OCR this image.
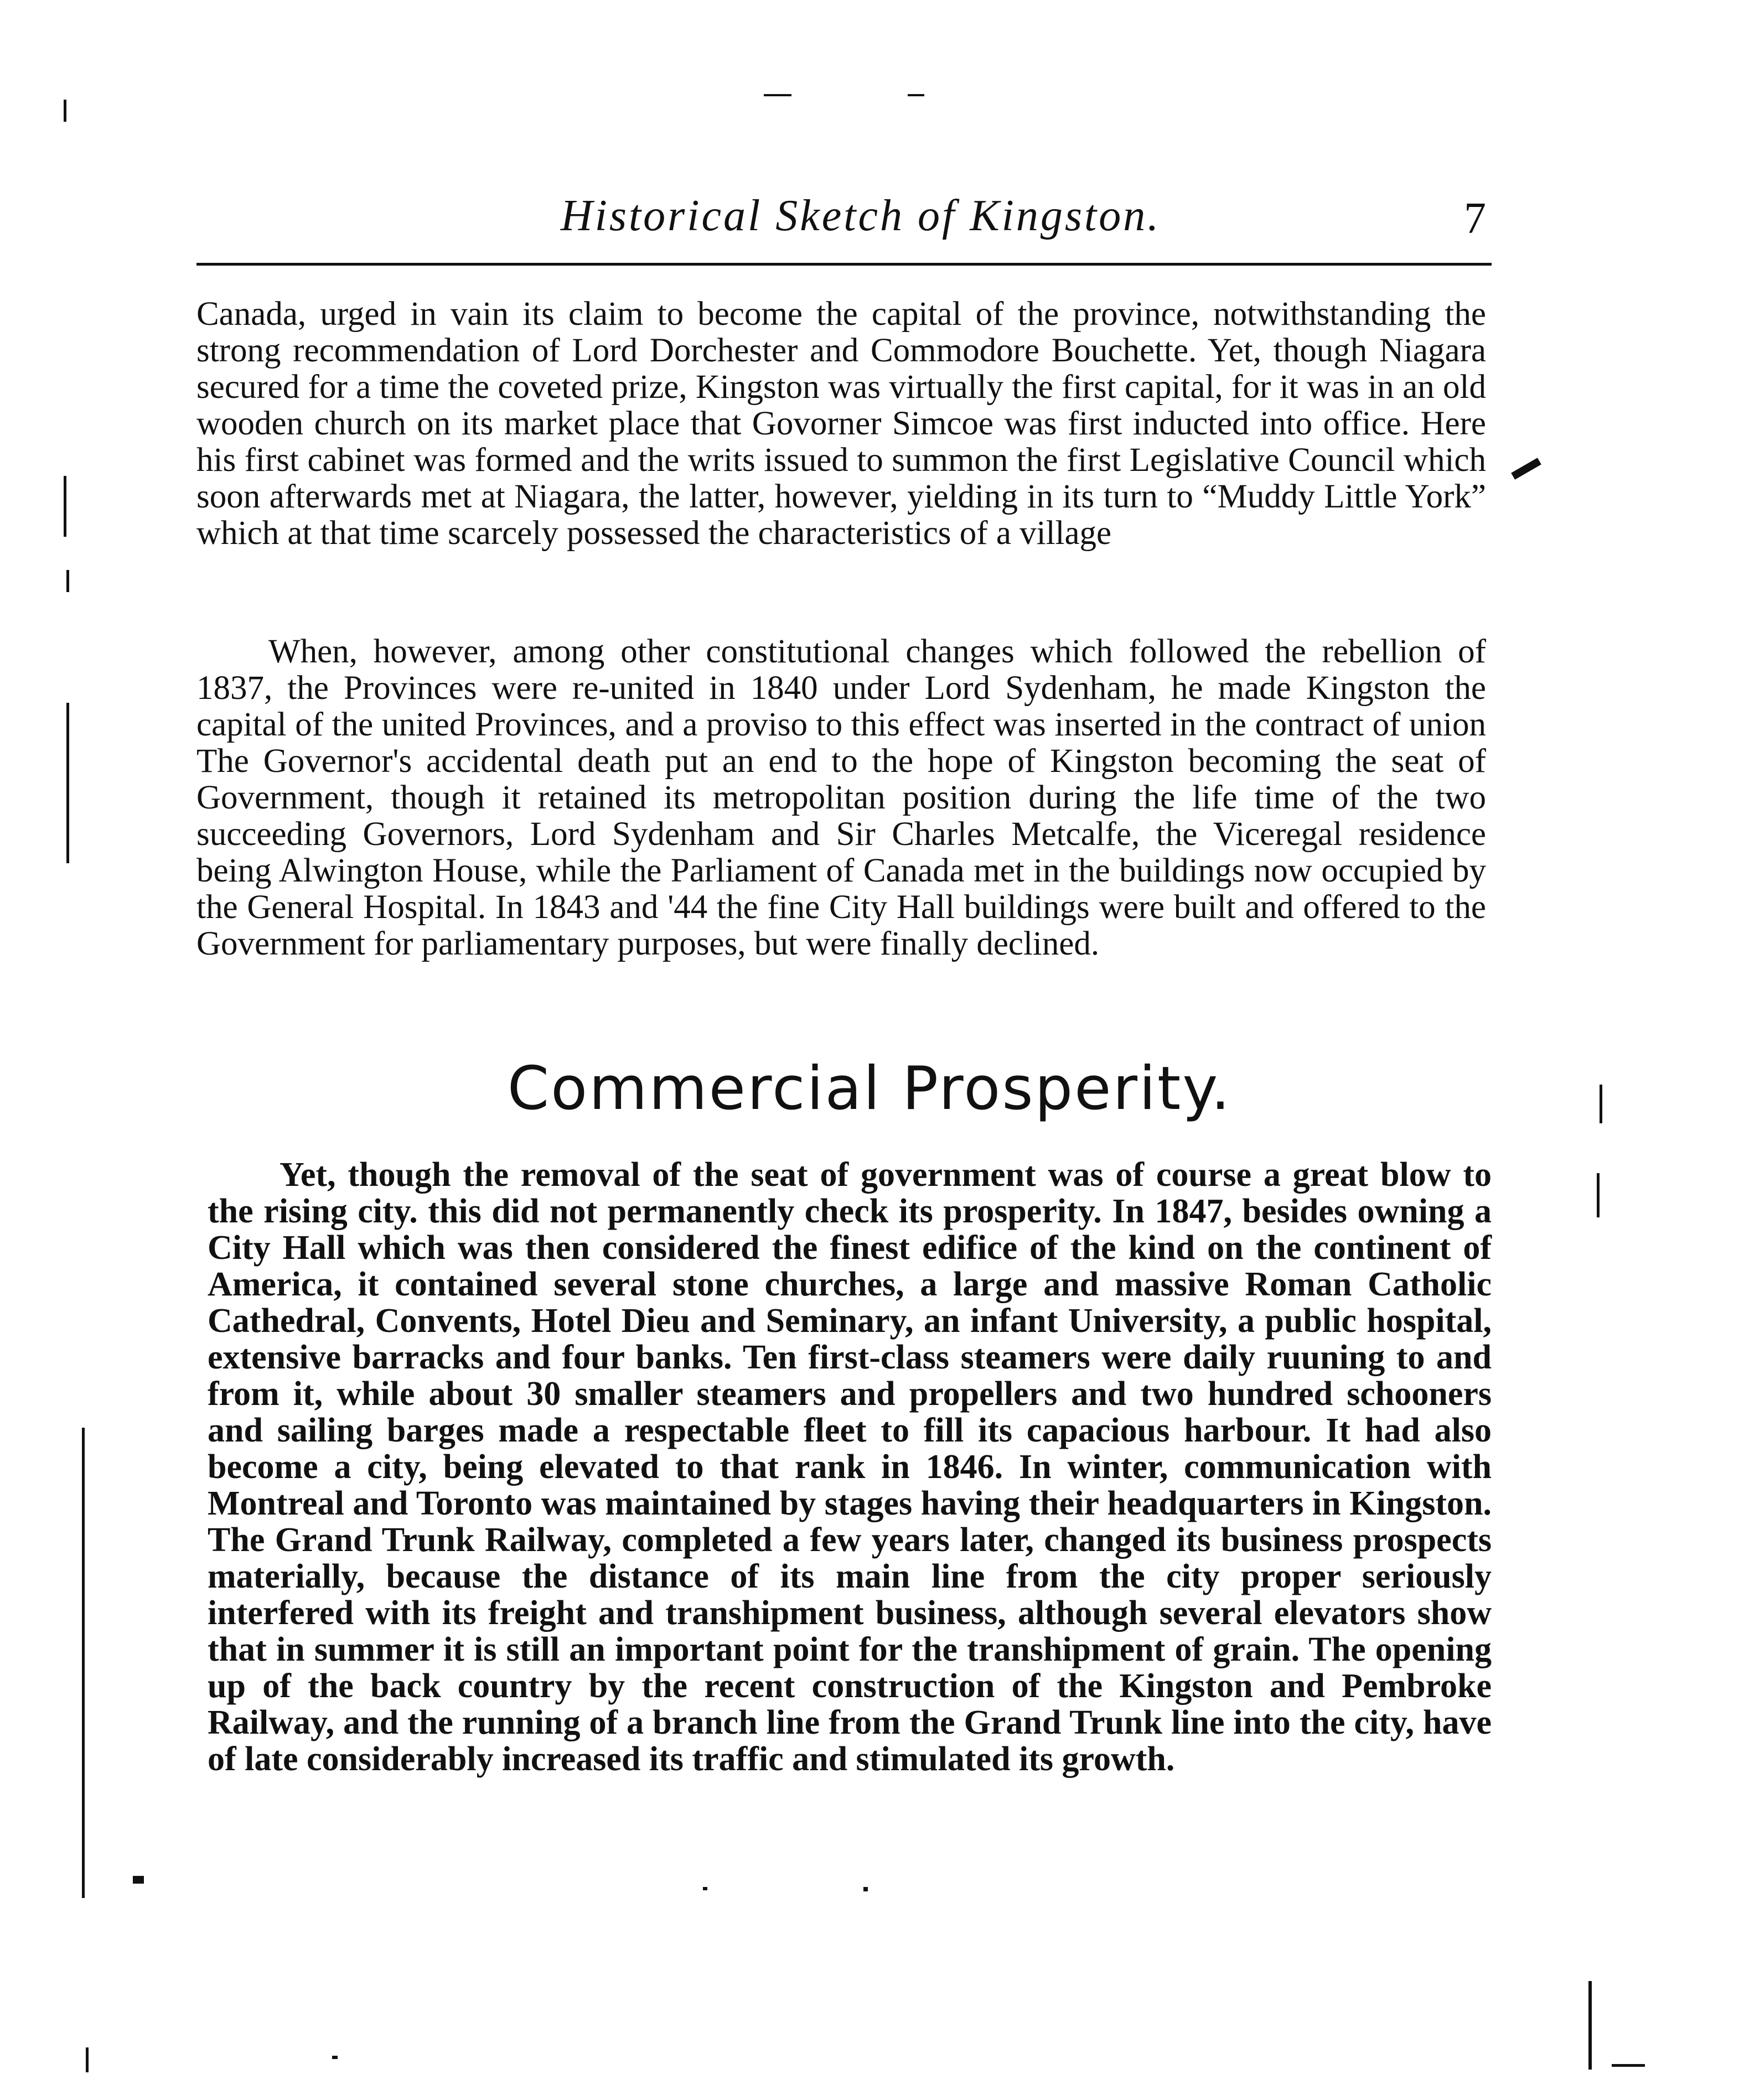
Historical Sketch of Kingston.	7

Canada, urged in vain its claim to become the capital of the province, notwithstanding the strong recommendation of Lord Dorchester and Commodore Bouchette. Yet, though Niagara secured for a time the coveted prize, Kingston was virtually the first capital, for it was in an old wooden church on its market place that Govorner Simcoe was first inducted into office. Here his first cabinet was formed and the writs issued to summon the first Legislative Council which soon afterwards met at Niagara, the latter, however, yielding in its turn to “Muddy Little York” which at that time scarcely possessed the characteristics of a village

When, however, among other constitutional changes which followed the rebellion of 1837, the Provinces were re-united in 1840 under Lord Sydenham, he made Kingston the capital of the united Provinces, and a proviso to this effect was inserted in the contract of union The Governor's accidental death put an end to the hope of Kingston becoming the seat of Government, though it retained its metropolitan position during the life time of the two succeeding Governors, Lord Sydenham and Sir Charles Metcalfe, the Viceregal residence being Alwington House, while the Parliament of Canada met in the buildings now occupied by the General Hospital. In 1843 and '44 the fine City Hall buildings were built and offered to the Government for parliamentary purposes, but were finally declined.

Commercial Prosperity.

Yet, though the removal of the seat of government was of course a great blow to the rising city. this did not permanently check its prosperity. In 1847, besides owning a City Hall which was then considered the finest edifice of the kind on the continent of America, it contained several stone churches, a large and massive Roman Catholic Cathedral, Convents, Hotel Dieu and Seminary, an infant University, a public hospital, extensive barracks and four banks. Ten first-class steamers were daily ruuning to and from it, while about 30 smaller steamers and propellers and two hundred schooners and sailing barges made a respectable fleet to fill its capacious harbour. It had also become a city, being elevated to that rank in 1846. In winter, communication with Montreal and Toronto was maintained by stages having their headquarters in Kingston. The Grand Trunk Railway, completed a few years later, changed its business prospects materially, because the distance of its main line from the city proper seriously interfered with its freight and transhipment business, although several elevators show that in summer it is still an important point for the transhipment of grain. The opening up of the back country by the recent construction of the Kingston and Pembroke Railway, and the running of a branch line from the Grand Trunk line into the city, have of late considerably increased its traffic and stimulated its growth.
